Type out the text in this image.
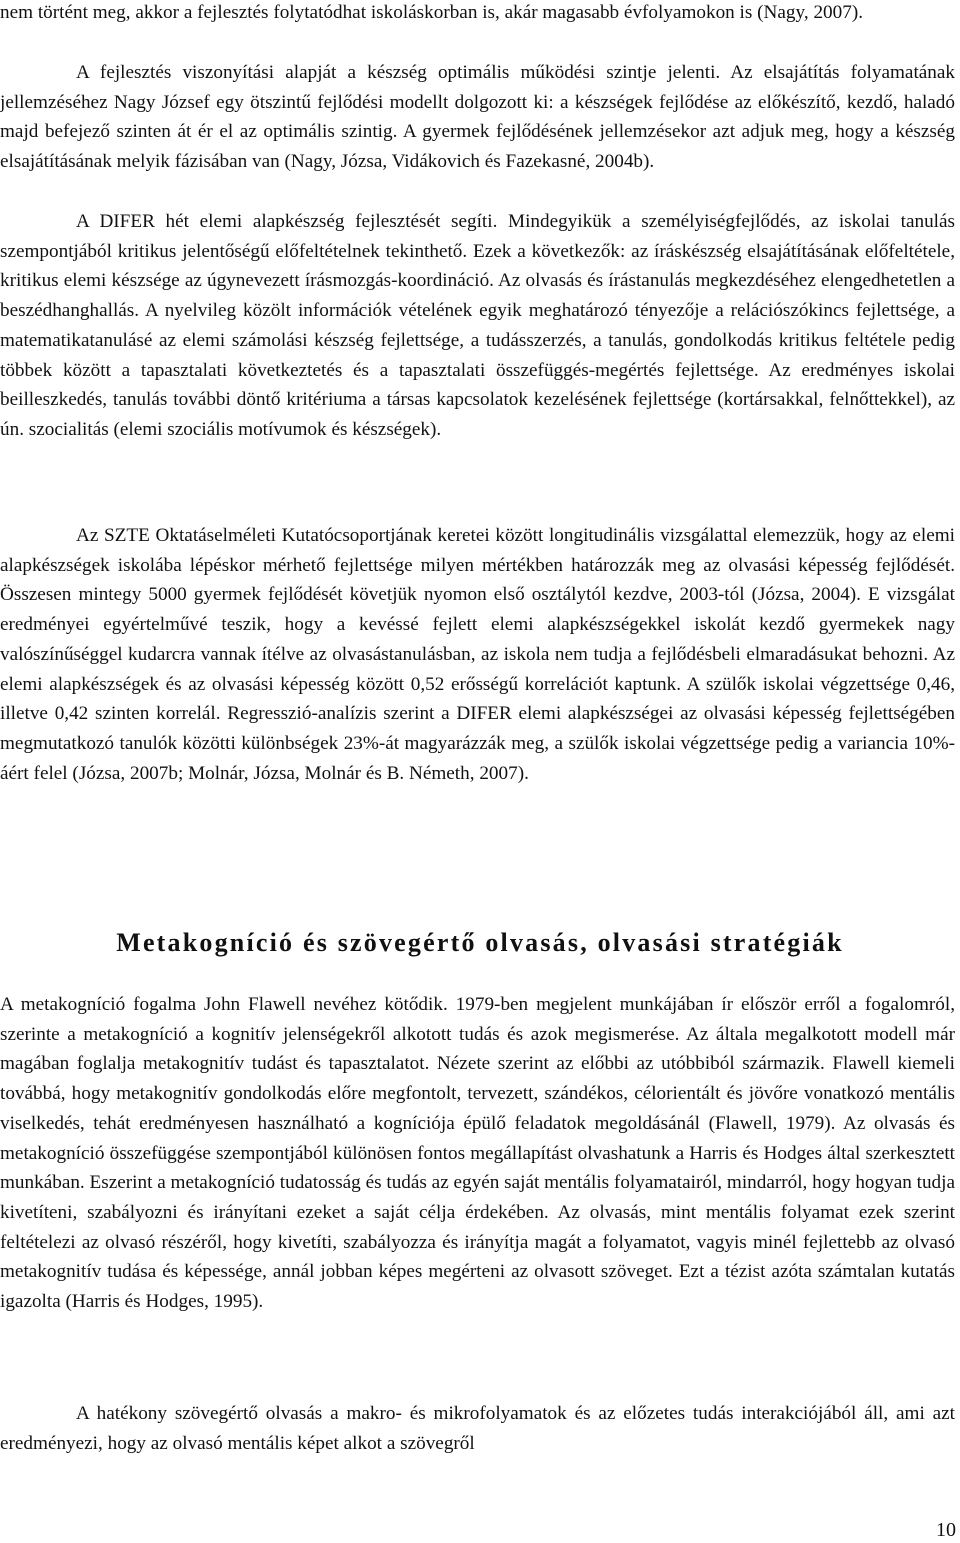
nem történt meg, akkor a fejlesztés folytatódhat iskoláskorban is, akár magasabb évfolyamokon is (Nagy, 2007).

A fejlesztés viszonyítási alapját a készség optimális működési szintje jelenti. Az elsajátítás folyamatának jellemzéséhez Nagy József egy ötszintű fejlődési modellt dolgozott ki: a készségek fejlődése az előkészítő, kezdő, haladó majd befejező szinten át ér el az optimális szintig. A gyermek fejlődésének jellemzésekor azt adjuk meg, hogy a készség elsajátításának melyik fázisában van (Nagy, Józsa, Vidákovich és Fazekasné, 2004b).

A DIFER hét elemi alapkészség fejlesztését segíti. Mindegyikük a személyiségfejlődés, az iskolai tanulás szempontjából kritikus jelentőségű előfeltételnek tekinthető. Ezek a következők: az íráskészség elsajátításának előfeltétele, kritikus elemi készsége az úgynevezett írásmozgás-koordináció. Az olvasás és írástanulás megkezdéséhez elengedhetetlen a beszédhanghallás. A nyelvileg közölt információk vételének egyik meghatározó tényezője a relációszókincs fejlettsége, a matematikatanulásé az elemi számolási készség fejlettsége, a tudásszerzés, a tanulás, gondolkodás kritikus feltétele pedig többek között a tapasztalati következtetés és a tapasztalati összefüggés-megértés fejlettsége. Az eredményes iskolai beilleszkedés, tanulás további döntő kritériuma a társas kapcsolatok kezelésének fejlettsége (kortársakkal, felnőttekkel), az ún. szocialitás (elemi szociális motívumok és készségek).

Az SZTE Oktatáselméleti Kutatócsoportjának keretei között longitudinális vizsgálattal elemezzük, hogy az elemi alapkészségek iskolába lépéskor mérhető fejlettsége milyen mértékben határozzák meg az olvasási képesség fejlődését. Összesen mintegy 5000 gyermek fejlődését követjük nyomon első osztálytól kezdve, 2003-tól (Józsa, 2004). E vizsgálat eredményei egyértelművé teszik, hogy a kevéssé fejlett elemi alapkészségekkel iskolát kezdő gyermekek nagy valószínűséggel kudarcra vannak ítélve az olvasástanulásban, az iskola nem tudja a fejlődésbeli elmaradásukat behozni. Az elemi alapkészségek és az olvasási képesség között 0,52 erősségű korrelációt kaptunk. A szülők iskolai végzettsége 0,46, illetve 0,42 szinten korrelál. Regresszió-analízis szerint a DIFER elemi alapkészségei az olvasási képesség fejlettségében megmutatkozó tanulók közötti különbségek 23%-át magyarázzák meg, a szülők iskolai végzettsége pedig a variancia 10%-áért felel (Józsa, 2007b; Molnár, Józsa, Molnár és B. Németh, 2007).

Metakogníció és szövegértő olvasás, olvasási stratégiák

A metakogníció fogalma John Flawell nevéhez kötődik. 1979-ben megjelent munkájában ír először erről a fogalomról, szerinte a metakogníció a kognitív jelenségekről alkotott tudás és azok megismerése. Az általa megalkotott modell már magában foglalja metakognitív tudást és tapasztalatot. Nézete szerint az előbbi az utóbbiból származik. Flawell kiemeli továbbá, hogy metakognitív gondolkodás előre megfontolt, tervezett, szándékos, célorientált és jövőre vonatkozó mentális viselkedés, tehát eredményesen használható a kogníciója épülő feladatok megoldásánál (Flawell, 1979). Az olvasás és metakogníció összefüggése szempontjából különösen fontos megállapítást olvashatunk a Harris és Hodges által szerkesztett munkában. Eszerint a metakogníció tudatosság és tudás az egyén saját mentális folyamatairól, mindarról, hogy hogyan tudja kivetíteni, szabályozni és irányítani ezeket a saját célja érdekében. Az olvasás, mint mentális folyamat ezek szerint feltételezi az olvasó részéről, hogy kivetíti, szabályozza és irányítja magát a folyamatot, vagyis minél fejlettebb az olvasó metakognitív tudása és képessége, annál jobban képes megérteni az olvasott szöveget. Ezt a tézist azóta számtalan kutatás igazolta (Harris és Hodges, 1995).

A hatékony szövegértő olvasás a makro- és mikrofolyamatok és az előzetes tudás interakciójából áll, ami azt eredményezi, hogy az olvasó mentális képet alkot a szövegről

10
